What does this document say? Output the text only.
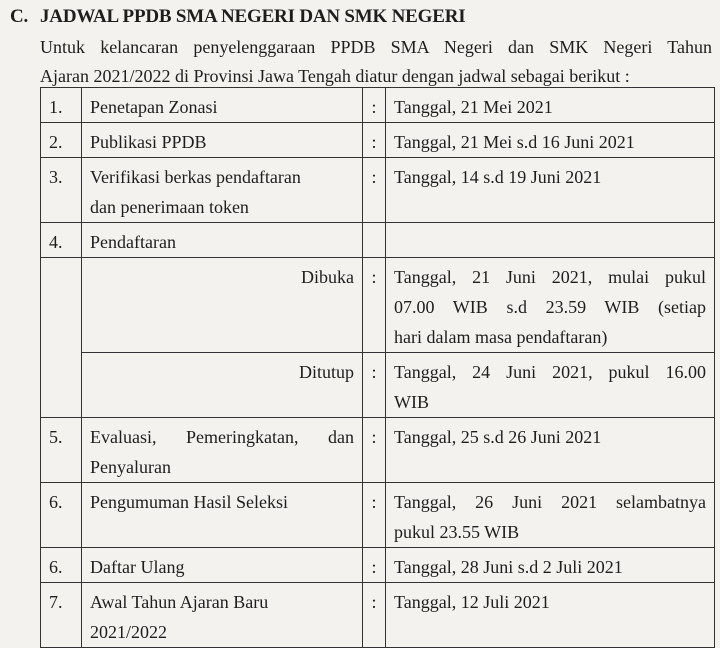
C. JADWAL PPDB SMA NEGERI DAN SMK NEGERI
Untuk kelancaran penyelenggaraan PPDB SMA Negeri dan SMK Negeri Tahun
Ajaran 2021/2022 di Provinsi Jawa Tengah diatur dengan jadwal sebagai berikut :
1.	Penetapan Zonasi	:	Tanggal, 21 Mei 2021
2.	Publikasi PPDB	:	Tanggal, 21 Mei s.d 16 Juni 2021
3.	Verifikasi berkas pendaftaran
dan penerimaan token	:	Tanggal, 14 s.d 19 Juni 2021
4.	Pendaftaran		
	Dibuka	:	Tanggal, 21 Juni 2021, mulai pukul
07.00 WIB s.d 23.59 WIB (setiap
hari dalam masa pendaftaran)

	Ditutup	:	Tanggal, 24 Juni 2021, pukul 16.00
WIB

5.	Evaluasi, Pemeringkatan, dan
Penyaluran	:	Tanggal, 25 s.d 26 Juni 2021
6.	Pengumuman Hasil Seleksi	:	Tanggal, 26 Juni 2021 selambatnya
pukul 23.55 WIB

6.	Daftar Ulang	:	Tanggal, 28 Juni s.d 2 Juli 2021
7.	Awal Tahun Ajaran Baru
2021/2022	:	Tanggal, 12 Juli 2021
